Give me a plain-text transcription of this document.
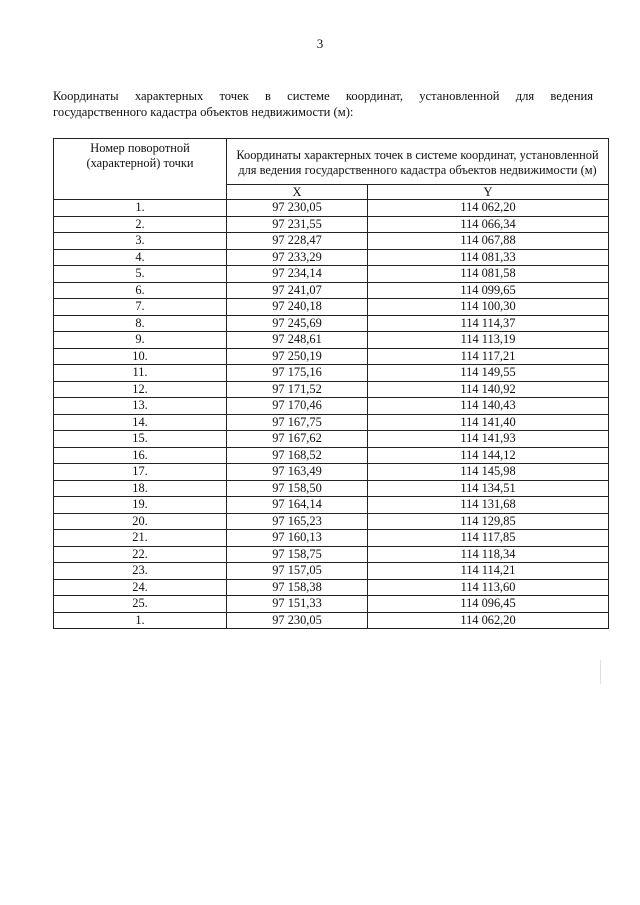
3
Координаты характерных точек в системе координат, установленной для ведения
государственного кадастра объектов недвижимости (м):
Номер поворотной (характерной) точки	Координаты характерных точек в системе координат, установленной для ведения государственного кадастра объектов недвижимости (м)	
	X	Y
1.	97 230,05	114 062,20
2.	97 231,55	114 066,34
3.	97 228,47	114 067,88
4.	97 233,29	114 081,33
5.	97 234,14	114 081,58
6.	97 241,07	114 099,65
7.	97 240,18	114 100,30
8.	97 245,69	114 114,37
9.	97 248,61	114 113,19
10.	97 250,19	114 117,21
11.	97 175,16	114 149,55
12.	97 171,52	114 140,92
13.	97 170,46	114 140,43
14.	97 167,75	114 141,40
15.	97 167,62	114 141,93
16.	97 168,52	114 144,12
17.	97 163,49	114 145,98
18.	97 158,50	114 134,51
19.	97 164,14	114 131,68
20.	97 165,23	114 129,85
21.	97 160,13	114 117,85
22.	97 158,75	114 118,34
23.	97 157,05	114 114,21
24.	97 158,38	114 113,60
25.	97 151,33	114 096,45
1.	97 230,05	114 062,20
